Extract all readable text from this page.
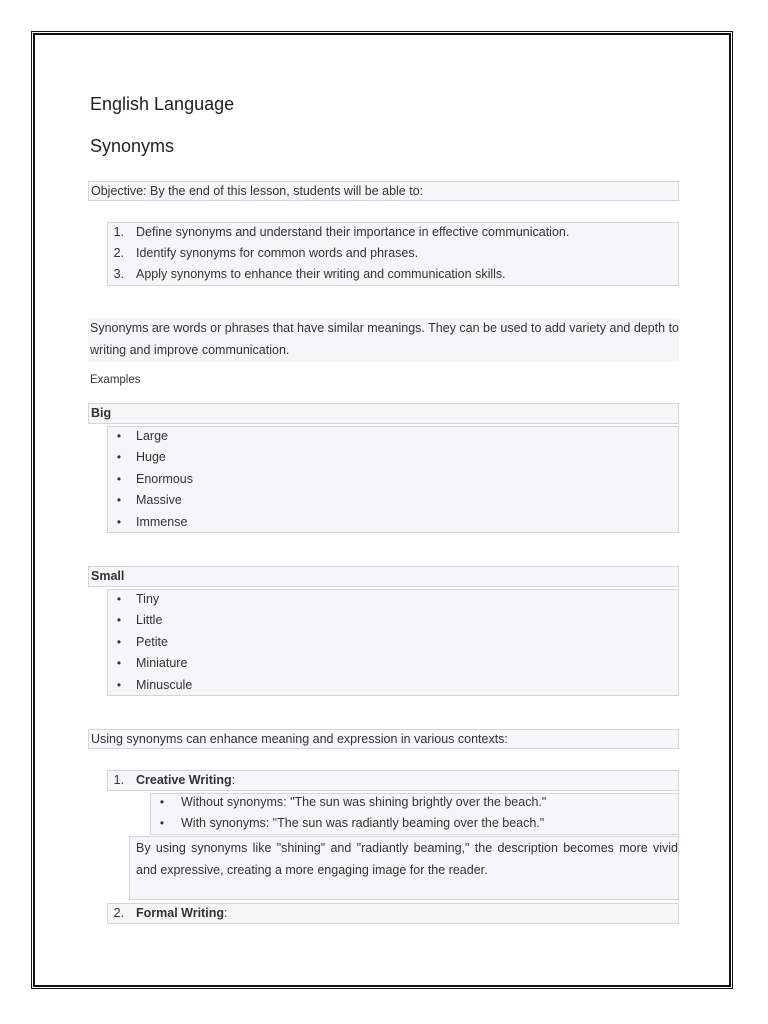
English Language
Synonyms
Objective: By the end of this lesson, students will be able to:
1. Define synonyms and understand their importance in effective communication.
2. Identify synonyms for common words and phrases.
3. Apply synonyms to enhance their writing and communication skills.
Synonyms are words or phrases that have similar meanings. They can be used to add variety and depth to writing and improve communication.
Examples
Big
•	Large
•	Huge
•	Enormous
•	Massive
•	Immense
Small
•	Tiny
•	Little
•	Petite
•	Miniature
•	Minuscule
Using synonyms can enhance meaning and expression in various contexts:
1. Creative Writing:
•	Without synonyms: "The sun was shining brightly over the beach."
•	With synonyms: "The sun was radiantly beaming over the beach."
By using synonyms like "shining" and "radiantly beaming," the description becomes more vivid and expressive, creating a more engaging image for the reader.
2. Formal Writing:
